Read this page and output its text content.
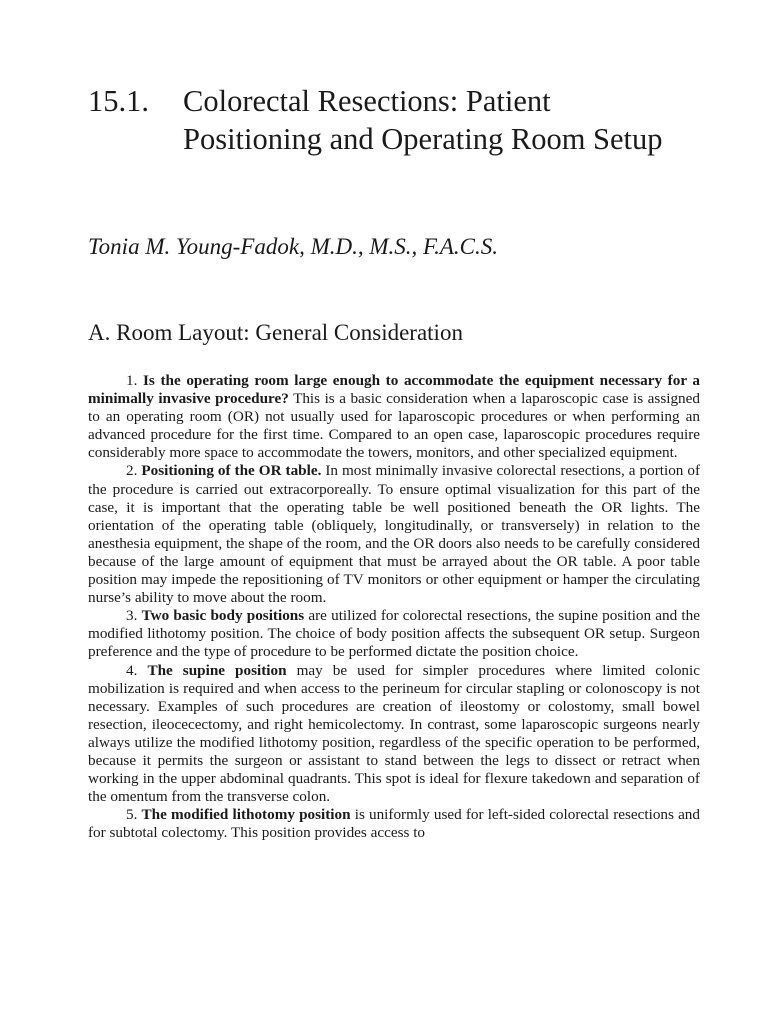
15.1. Colorectal Resections: Patient Positioning and Operating Room Setup
Tonia M. Young-Fadok, M.D., M.S., F.A.C.S.
A. Room Layout: General Consideration

1. Is the operating room large enough to accommodate the equipment necessary for a minimally invasive procedure? This is a basic consideration when a laparoscopic case is assigned to an operating room (OR) not usually used for laparoscopic procedures or when performing an advanced procedure for the first time. Compared to an open case, laparoscopic procedures require considerably more space to accommodate the towers, monitors, and other specialized equipment.

2. Positioning of the OR table. In most minimally invasive colorectal resections, a portion of the procedure is carried out extracorporeally. To ensure optimal visualization for this part of the case, it is important that the operating table be well positioned beneath the OR lights. The orientation of the operating table (obliquely, longitudinally, or transversely) in relation to the anesthesia equipment, the shape of the room, and the OR doors also needs to be carefully considered because of the large amount of equipment that must be arrayed about the OR table. A poor table position may impede the repositioning of TV monitors or other equipment or hamper the circulating nurse’s ability to move about the room.

3. Two basic body positions are utilized for colorectal resections, the supine position and the modified lithotomy position. The choice of body position affects the subsequent OR setup. Surgeon preference and the type of procedure to be performed dictate the position choice.

4. The supine position may be used for simpler procedures where limited colonic mobilization is required and when access to the perineum for circular stapling or colonoscopy is not necessary. Examples of such procedures are creation of ileostomy or colostomy, small bowel resection, ileocecectomy, and right hemicolectomy. In contrast, some laparoscopic surgeons nearly always utilize the modified lithotomy position, regardless of the specific operation to be performed, because it permits the surgeon or assistant to stand between the legs to dissect or retract when working in the upper abdominal quadrants. This spot is ideal for flexure takedown and separation of the omentum from the transverse colon.

5. The modified lithotomy position is uniformly used for left-sided colorectal resections and for subtotal colectomy. This position provides access to
